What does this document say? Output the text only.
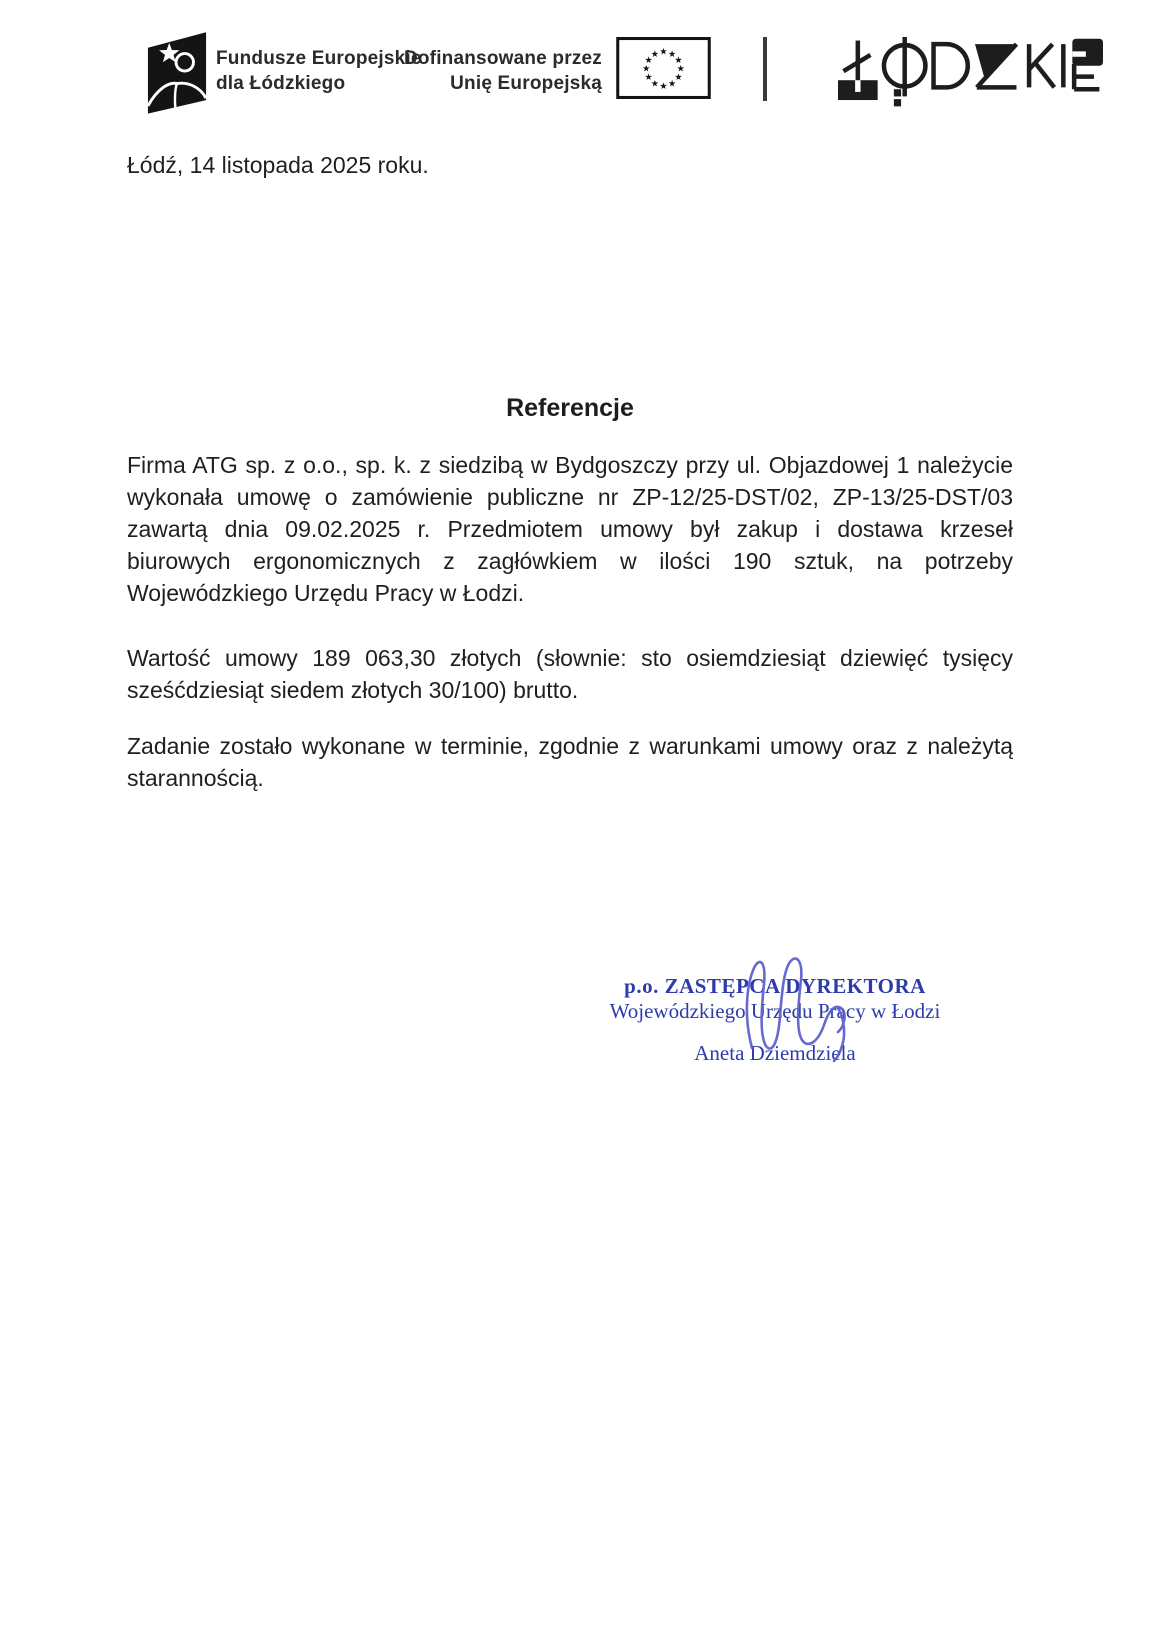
Fundusze Europejskie
dla Łódzkiego
Dofinansowane przez
Unię Europejską
★ ★
★
★
★
★
★
★
★
★
★
★
Łódź, 14 listopada 2025 roku.
Referencje

Firma ATG sp. z o.o., sp. k. z siedzibą w Bydgoszczy przy ul. Objazdowej 1 należycie wykonała umowę o zamówienie publiczne nr ZP-12/25-DST/02, ZP-13/25-DST/03 zawartą dnia 09.02.2025 r. Przedmiotem umowy był zakup i dostawa krzeseł biurowych ergonomicznych z zagłówkiem w ilości 190 sztuk, na potrzeby Wojewódzkiego Urzędu Pracy w Łodzi.

Wartość umowy 189 063,30 złotych (słownie: sto osiemdziesiąt dziewięć tysięcy sześćdziesiąt siedem złotych 30/100) brutto.

Zadanie zostało wykonane w terminie, zgodnie z warunkami umowy oraz z należytą starannością.

p.o. ZASTĘPCA DYREKTORA
Wojewódzkiego Urzędu Pracy w Łodzi
Aneta Dziemdziela
